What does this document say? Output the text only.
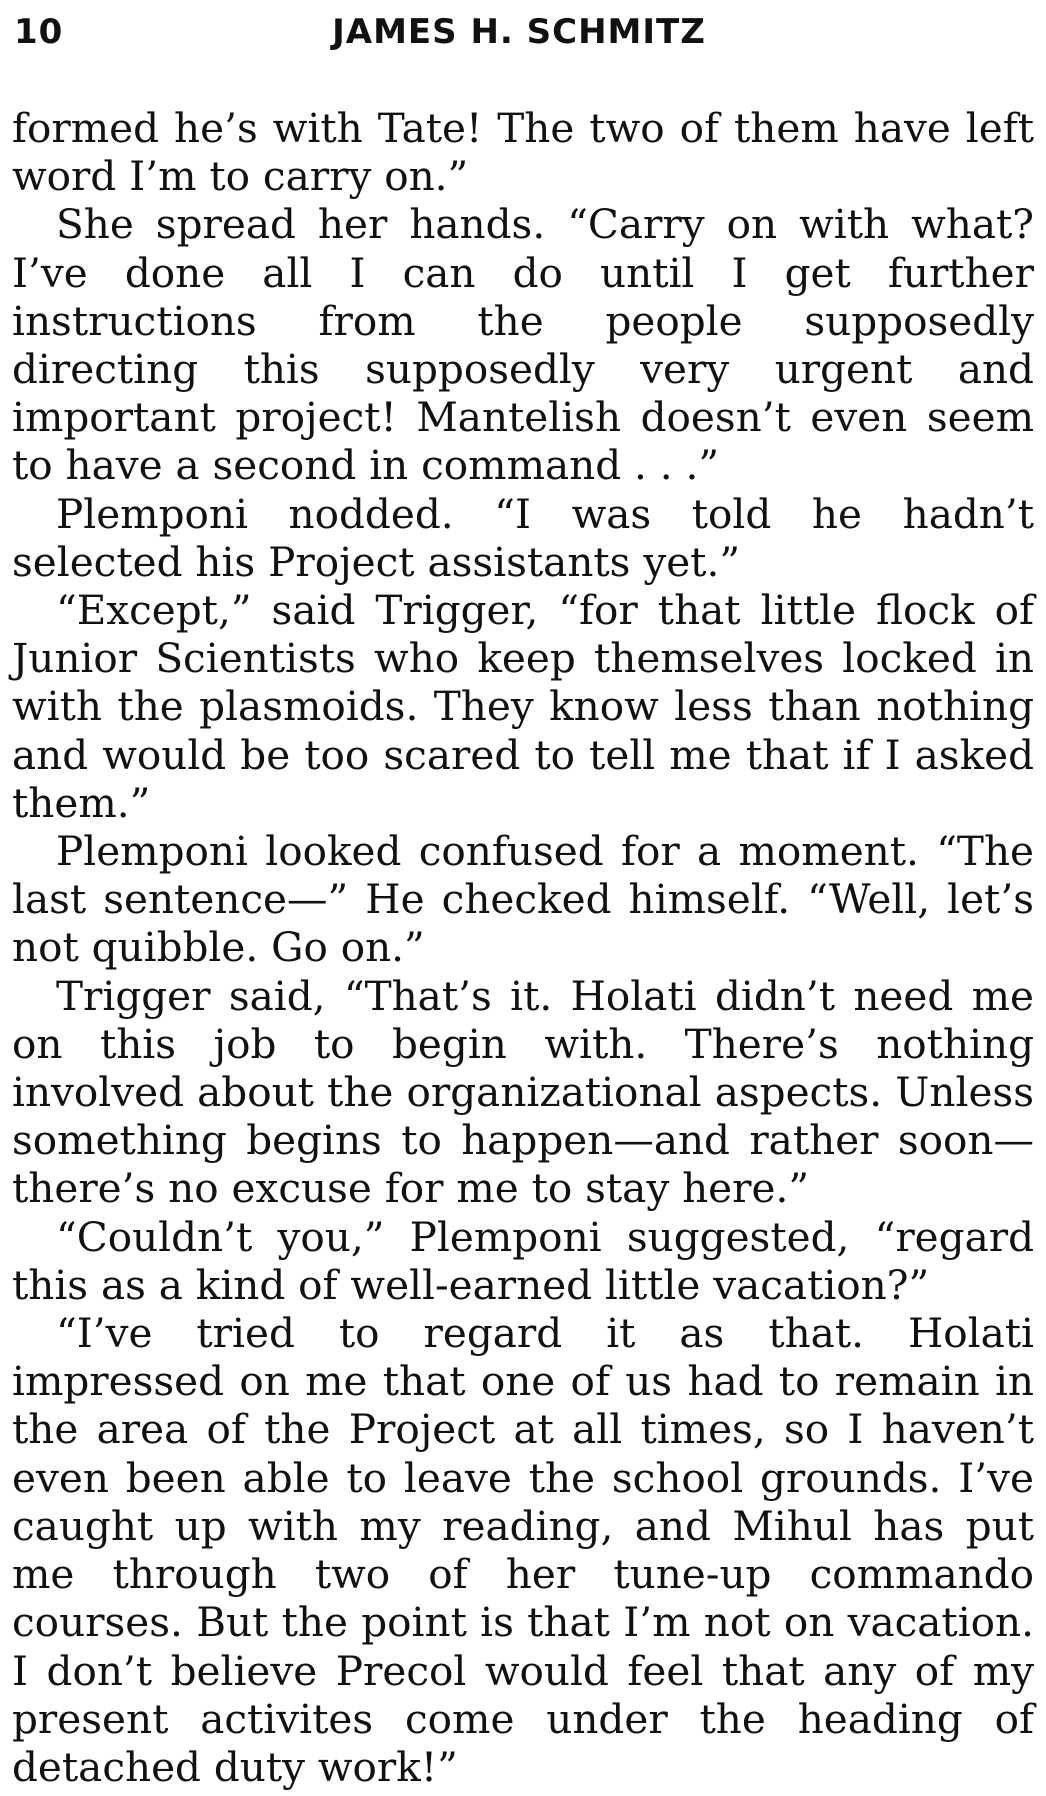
10	JAMES H. SCHMITZ

formed he’s with Tate! The two of them have left word I’m to carry on.”

She spread her hands. “Carry on with what? I’ve done all I can do until I get further instructions from the people supposedly directing this supposedly very urgent and important project! Mantelish doesn’t even seem to have a second in command . . .”

Plemponi nodded. “I was told he hadn’t selected his Project assistants yet.”

“Except,” said Trigger, “for that little flock of Junior Scientists who keep themselves locked in with the plasmoids. They know less than nothing and would be too scared to tell me that if I asked them.”

Plemponi looked confused for a moment. “The last sentence—” He checked himself. “Well, let’s not quibble. Go on.”

Trigger said, “That’s it. Holati didn’t need me on this job to begin with. There’s nothing involved about the organizational aspects. Unless something begins to happen—and rather soon—there’s no excuse for me to stay here.”

“Couldn’t you,” Plemponi suggested, “regard this as a kind of well-earned little vacation?”

“I’ve tried to regard it as that. Holati impressed on me that one of us had to remain in the area of the Project at all times, so I haven’t even been able to leave the school grounds. I’ve caught up with my reading, and Mihul has put me through two of her tune-up commando courses. But the point is that I’m not on vacation. I don’t believe Precol would feel that any of my present activites come under the heading of detached duty work!”
